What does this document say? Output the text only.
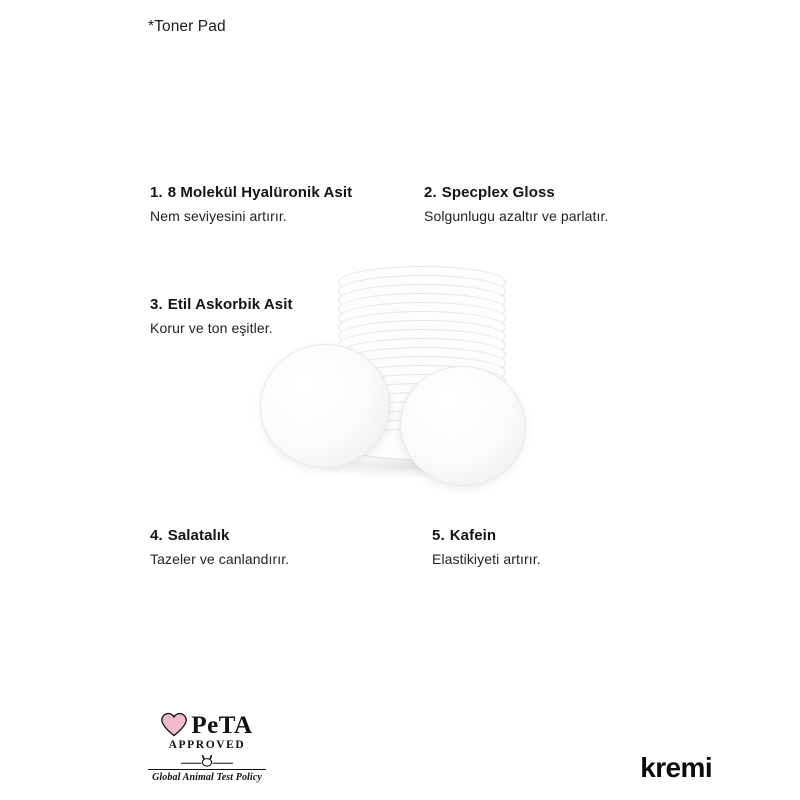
*Toner Pad
1. 8 Molekül Hyalüronik Asit
Nem seviyesini artırır.
2. Specplex Gloss
Solgunlugu azaltır ve parlatır.
3. Etil Askorbik Asit
Korur ve ton eşitler.
4. Salatalık
Tazeler ve canlandırır.
5. Kafein
Elastikiyeti artırır.
PeTA
APPROVED
Global Animal Test Policy	kremi
